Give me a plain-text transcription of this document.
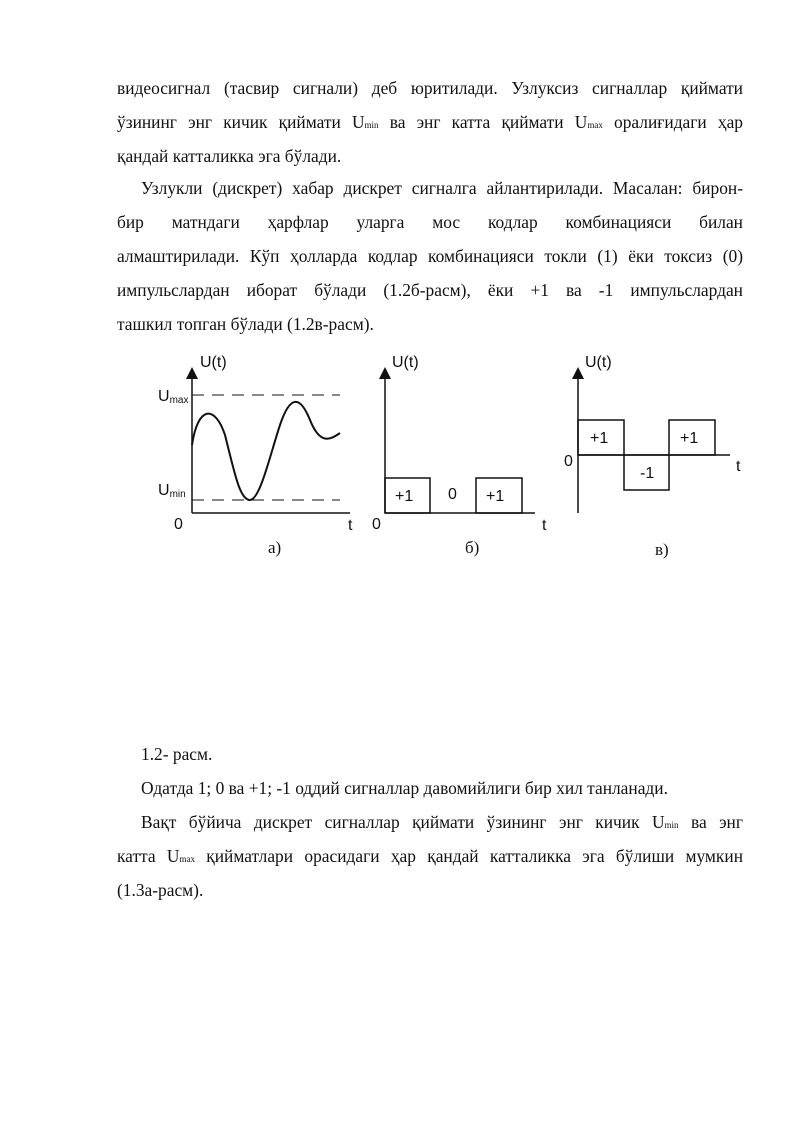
видеосигнал (тасвир сигнали) деб юритилади. Узлуксиз сигналлар қиймати
ўзининг энг кичик қиймати Umin ва энг катта қиймати Umax оралиғидаги ҳар
қандай катталикка эга бўлади.
Узлукли (дискрет) хабар дискрет сигналга айлантирилади. Масалан: бирон-
бир матндаги ҳарфлар уларга мос кодлар комбинацияси билан
алмаштирилади. Кўп ҳолларда кодлар комбинацияси токли (1) ёки токсиз (0)
импульслардан иборат бўлади (1.2б-расм), ёки +1 ва -1 импульслардан
ташкил топган бўлади (1.2в-расм).
U(t)
t
0
Umax
Umin
а)
+1 0 +1
U(t)
t
0
б)
+1
-1
+1
U(t)
t
0
в)
1.2- расм.
Одатда 1; 0 ва +1; -1 оддий сигналлар давомийлиги бир хил танланади.
Вақт бўйича дискрет сигналлар қиймати ўзининг энг кичик Umin ва энг
катта Umax қийматлари орасидаги ҳар қандай катталикка эга бўлиши мумкин
(1.3а-расм).
